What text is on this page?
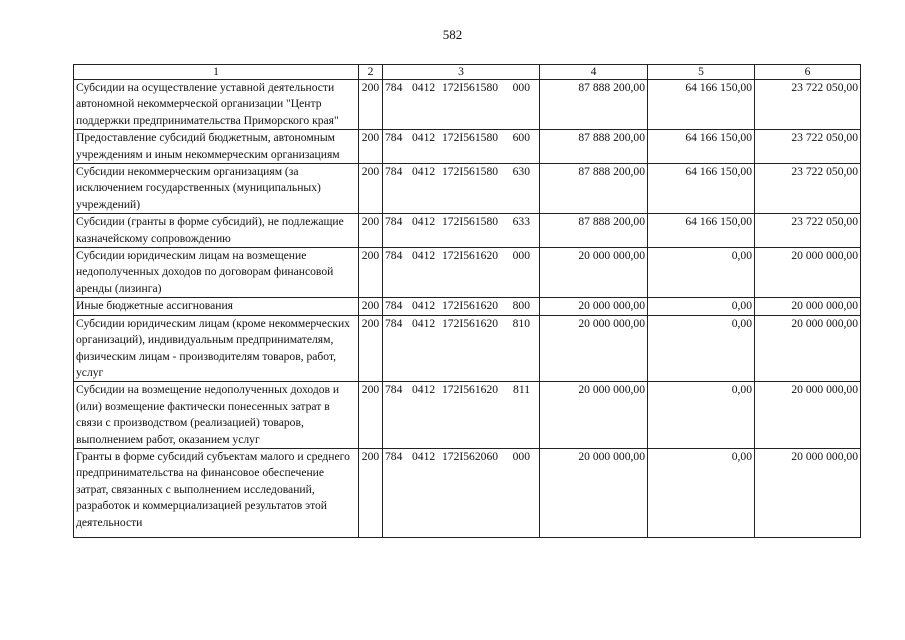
582
1	2	3	4	5	6
Субсидии на осуществление уставной деятельности автономной некоммерческой организации "Центр поддержки предпринимательства Приморского края"	200	784 0412 172I561580 000	87 888 200,00	64 166 150,00	23 722 050,00
Предоставление субсидий бюджетным, автономным учреждениям и иным некоммерческим организациям	200	784 0412 172I561580 600	87 888 200,00	64 166 150,00	23 722 050,00
Субсидии некоммерческим организациям (за исключением государственных (муниципальных) учреждений)	200	784 0412 172I561580 630	87 888 200,00	64 166 150,00	23 722 050,00
Субсидии (гранты в форме субсидий), не подлежащие казначейскому сопровождению	200	784 0412 172I561580 633	87 888 200,00	64 166 150,00	23 722 050,00
Субсидии юридическим лицам на возмещение недополученных доходов по договорам финансовой аренды (лизинга)	200	784 0412 172I561620 000	20 000 000,00	0,00	20 000 000,00
Иные бюджетные ассигнования	200	784 0412 172I561620 800	20 000 000,00	0,00	20 000 000,00
Субсидии юридическим лицам (кроме некоммерческих организаций), индивидуальным предпринимателям, физическим лицам - производителям товаров, работ, услуг	200	784 0412 172I561620 810	20 000 000,00	0,00	20 000 000,00
Субсидии на возмещение недополученных доходов и (или) возмещение фактически понесенных затрат в связи с производством (реализацией) товаров, выполнением работ, оказанием услуг	200	784 0412 172I561620 811	20 000 000,00	0,00	20 000 000,00
Гранты в форме субсидий субъектам малого и среднего предпринимательства на финансовое обеспечение затрат, связанных с выполнением исследований, разработок и коммерциализацией результатов этой деятельности	200	784 0412 172I562060 000	20 000 000,00	0,00	20 000 000,00
